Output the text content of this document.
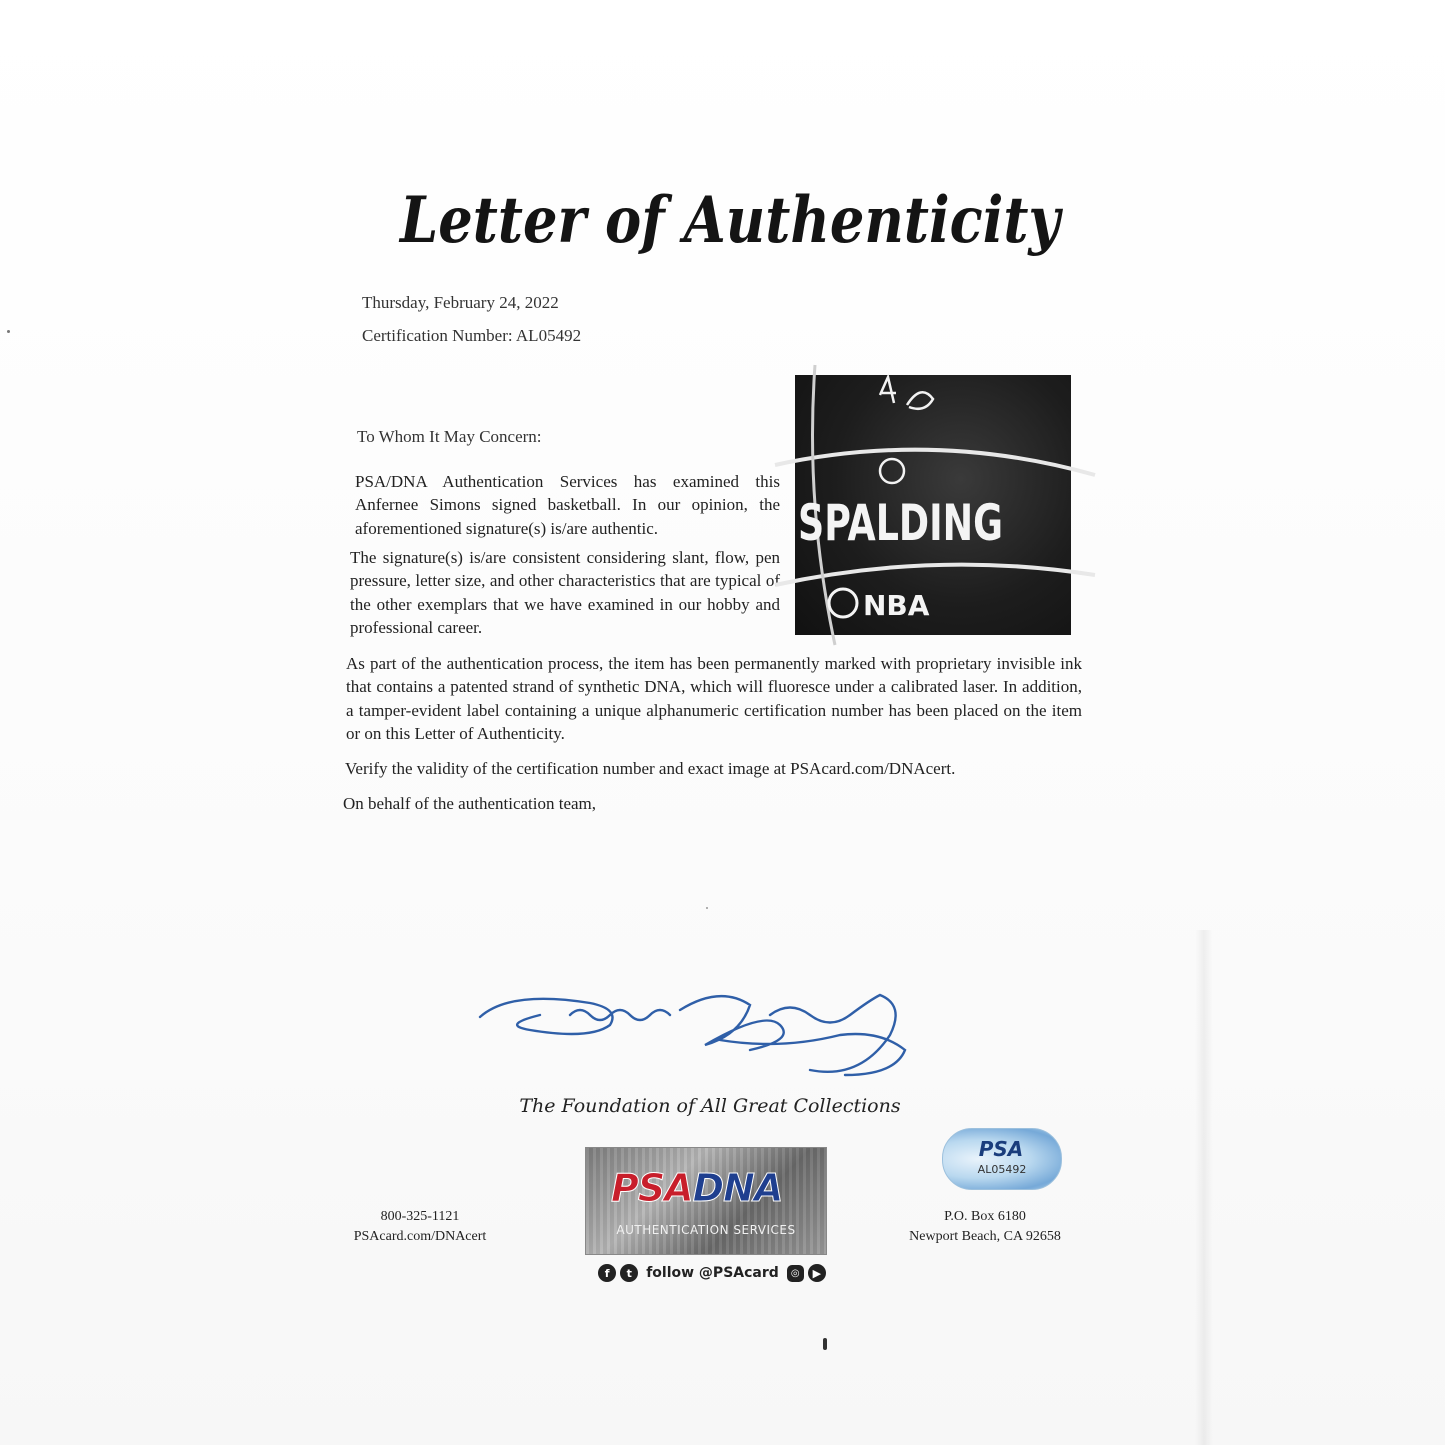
Letter of Authenticity
Thursday, February 24, 2022
Certification Number: AL05492
To Whom It May Concern:
PSA/DNA Authentication Services has examined this Anfernee Simons signed basketball. In our opinion, the aforementioned signature(s) is/are authentic.
The signature(s) is/are consistent considering slant, flow, pen pressure, letter size, and other characteristics that are typical of the other exemplars that we have examined in our hobby and professional career.
SPALDING
NBA
As part of the authentication process, the item has been permanently marked with proprietary invisible ink that contains a patented strand of synthetic DNA, which will fluoresce under a calibrated laser. In addition, a tamper-evident label containing a unique alphanumeric certification number has been placed on the item or on this Letter of Authenticity.
Verify the validity of the certification number and exact image at PSAcard.com/DNAcert.
On behalf of the authentication team,
The Foundation of All Great Collections
800-325-1121
PSAcard.com/DNAcert
PSADNA
AUTHENTICATION SERVICES
f	t	follow @PSAcard	◎	▶
PSA
AL05492
P.O. Box 6180
Newport Beach, CA 92658
